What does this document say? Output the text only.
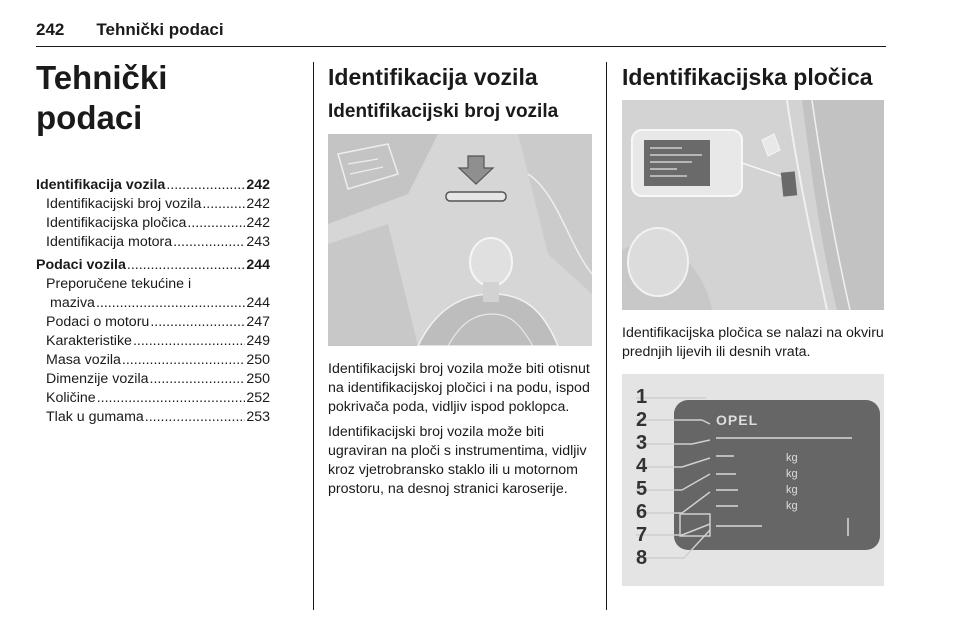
242 Tehnički podaci
Tehnički podaci
Identifikacija vozila .....	242
Identifikacijski broj vozila .....	242
Identifikacijska pločica .....	242
Identifikacija motora .....	243
Podaci vozila .....	244
Preporučene tekućine i
maziva .....	244
Podaci o motoru .....	247
Karakteristike .....	249
Masa vozila .....	250
Dimenzije vozila .....	250
Količine .....	252
Tlak u gumama .....	253
Identifikacija vozila
Identifikacijski broj vozila

Identifikacijski broj vozila može biti otisnut na identifikacijskoj pločici i na podu, ispod pokrivača poda, vidljiv ispod poklopca.

Identifikacijski broj vozila može biti ugraviran na ploči s instrumentima, vidljiv kroz vjetrobransko staklo ili u motornom prostoru, na desnoj stranici karoserije.

Identifikacijska pločica

Identifikacijska pločica se nalazi na okviru prednjih lijevih ili desnih vrata.

OPEL
kg
kg
kg
kg
1
2
3
4
5
6
7
8
